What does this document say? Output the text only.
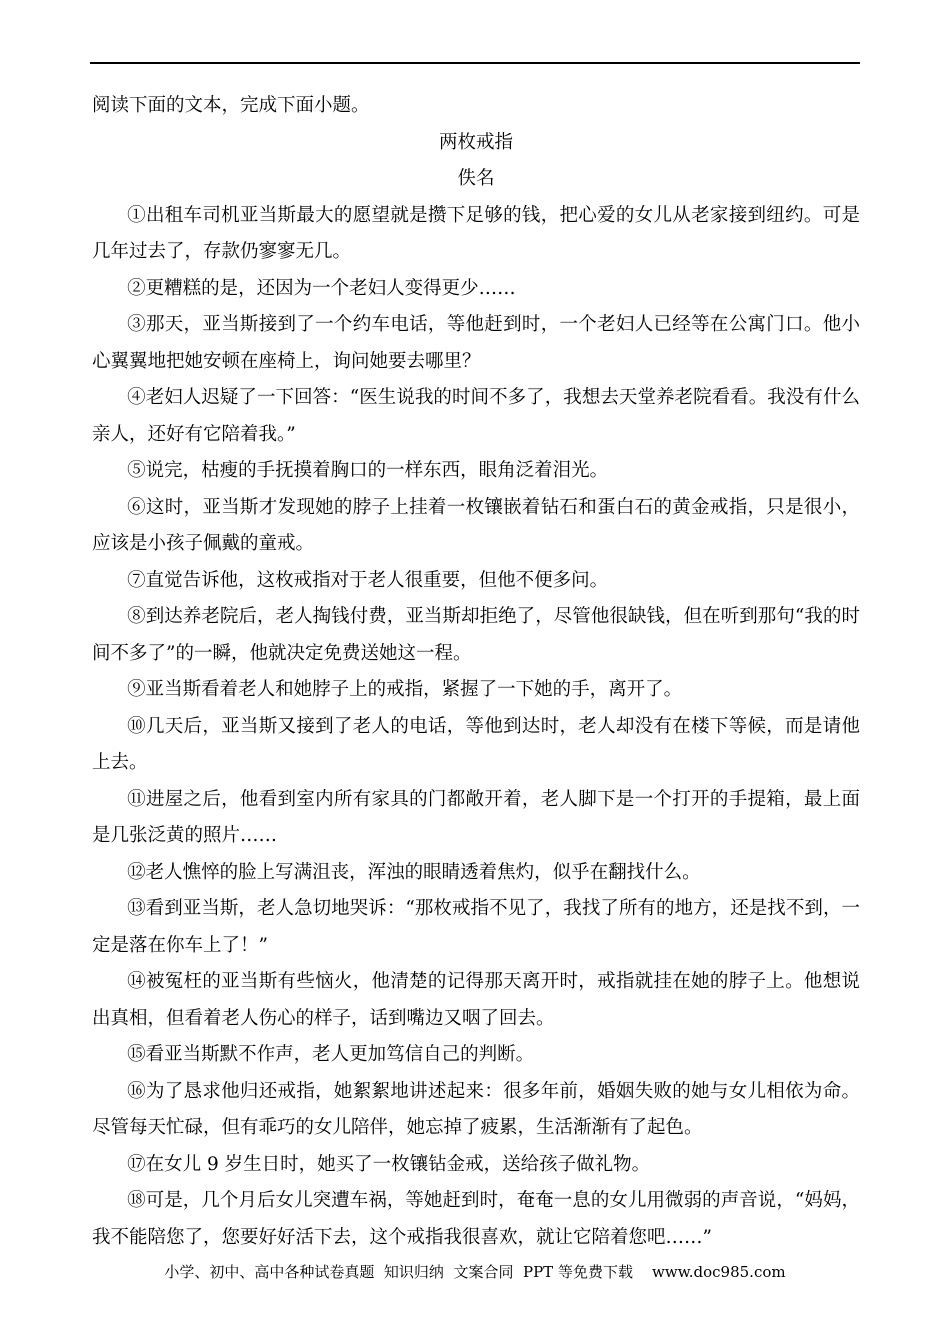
阅读下面的文本，完成下面小题。

两枚戒指

佚名

①出租车司机亚当斯最大的愿望就是攒下足够的钱，把心爱的女儿从老家接到纽约。可是几年过去了，存款仍寥寥无几。

②更糟糕的是，还因为一个老妇人变得更少……

③那天，亚当斯接到了一个约车电话，等他赶到时，一个老妇人已经等在公寓门口。他小心翼翼地把她安顿在座椅上，询问她要去哪里？

④老妇人迟疑了一下回答：“医生说我的时间不多了，我想去天堂养老院看看。我没有什么亲人，还好有它陪着我。”

⑤说完，枯瘦的手抚摸着胸口的一样东西，眼角泛着泪光。

⑥这时，亚当斯才发现她的脖子上挂着一枚镶嵌着钻石和蛋白石的黄金戒指，只是很小，应该是小孩子佩戴的童戒。

⑦直觉告诉他，这枚戒指对于老人很重要，但他不便多问。

⑧到达养老院后，老人掏钱付费，亚当斯却拒绝了，尽管他很缺钱，但在听到那句“我的时间不多了”的一瞬，他就决定免费送她这一程。

⑨亚当斯看着老人和她脖子上的戒指，紧握了一下她的手，离开了。

⑩几天后，亚当斯又接到了老人的电话，等他到达时，老人却没有在楼下等候，而是请他上去。

⑪进屋之后，他看到室内所有家具的门都敞开着，老人脚下是一个打开的手提箱，最上面是几张泛黄的照片……

⑫老人憔悴的脸上写满沮丧，浑浊的眼睛透着焦灼，似乎在翻找什么。

⑬看到亚当斯，老人急切地哭诉：“那枚戒指不见了，我找了所有的地方，还是找不到，一定是落在你车上了！”

⑭被冤枉的亚当斯有些恼火，他清楚的记得那天离开时，戒指就挂在她的脖子上。他想说出真相，但看着老人伤心的样子，话到嘴边又咽了回去。

⑮看亚当斯默不作声，老人更加笃信自己的判断。

⑯为了恳求他归还戒指，她絮絮地讲述起来：很多年前，婚姻失败的她与女儿相依为命。尽管每天忙碌，但有乖巧的女儿陪伴，她忘掉了疲累，生活渐渐有了起色。

⑰在女儿 9 岁生日时，她买了一枚镶钻金戒，送给孩子做礼物。

⑱可是，几个月后女儿突遭车祸，等她赶到时，奄奄一息的女儿用微弱的声音说，“妈妈，我不能陪您了，您要好好活下去，这个戒指我很喜欢，就让它陪着您吧……”

小学、初中、高中各种试卷真题  知识归纳  文案合同  PPT 等免费下载    www.doc985.com
